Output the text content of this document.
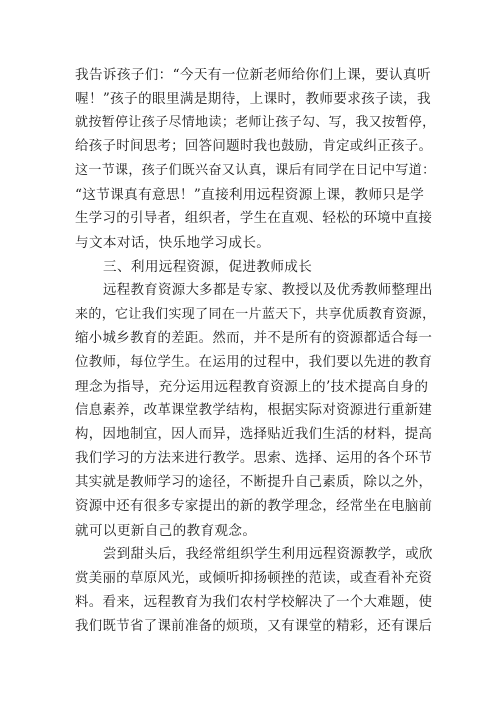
我告诉孩子们：“今天有一位新老师给你们上课，要认真听
喔！”孩子的眼里满是期待，上课时，教师要求孩子读，我
就按暂停让孩子尽情地读；老师让孩子勾、写，我又按暂停，
给孩子时间思考；回答问题时我也鼓励，肯定或纠正孩子。
这一节课，孩子们既兴奋又认真，课后有同学在日记中写道：
“这节课真有意思！”直接利用远程资源上课，教师只是学
生学习的引导者，组织者，学生在直观、轻松的环境中直接
与文本对话，快乐地学习成长。
三、利用远程资源，促进教师成长
远程教育资源大多都是专家、教授以及优秀教师整理出
来的，它让我们实现了同在一片蓝天下，共享优质教育资源，
缩小城乡教育的差距。然而，并不是所有的资源都适合每一
位教师，每位学生。在运用的过程中，我们要以先进的教育
理念为指导，充分运用远程教育资源上的’技术提高自身的
信息素养，改革课堂教学结构，根据实际对资源进行重新建
构，因地制宜，因人而异，选择贴近我们生活的材料，提高
我们学习的方法来进行教学。思索、选择、运用的各个环节
其实就是教师学习的途径，不断提升自己素质，除以之外，
资源中还有很多专家提出的新的教学理念，经常坐在电脑前
就可以更新自己的教育观念。
尝到甜头后，我经常组织学生利用远程资源教学，或欣
赏美丽的草原风光，或倾听抑扬顿挫的范读，或查看补充资
料。看来，远程教育为我们农村学校解决了一个大难题，使
我们既节省了课前准备的烦琐，又有课堂的精彩，还有课后
